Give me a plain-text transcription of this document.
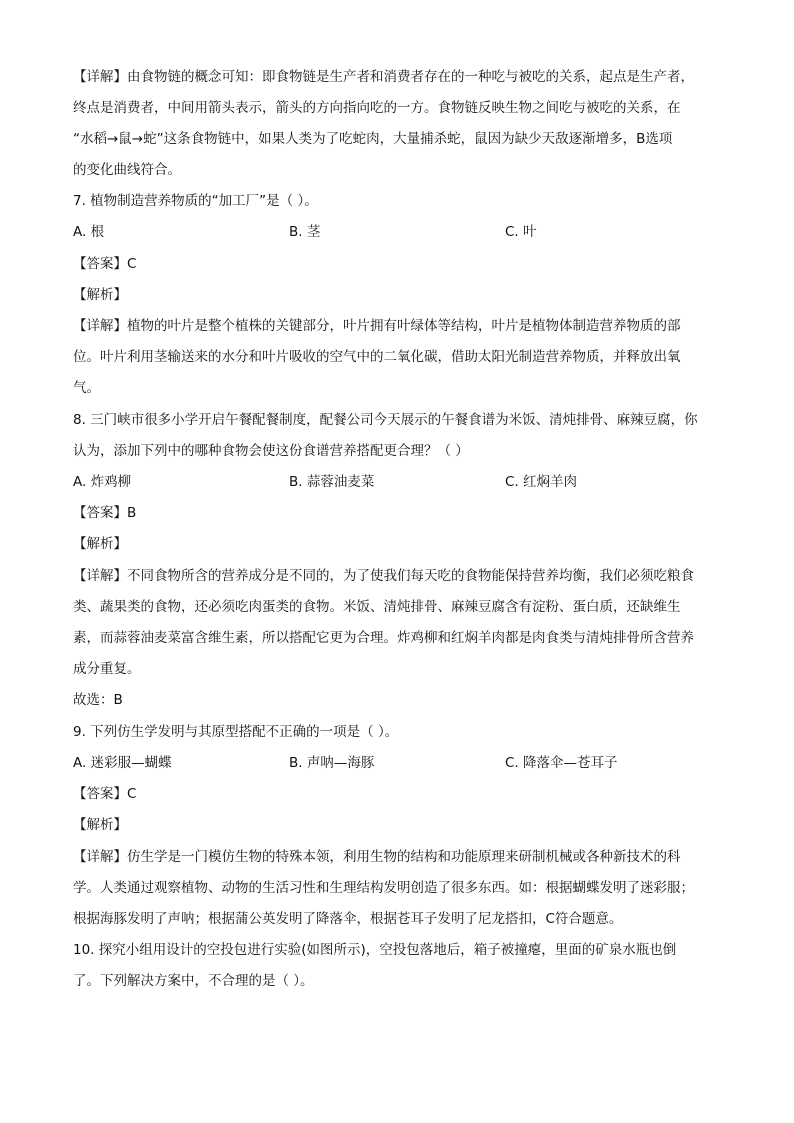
【详解】由食物链的概念可知：即食物链是生产者和消费者存在的一种吃与被吃的关系，起点是生产者，
终点是消费者，中间用箭头表示，箭头的方向指向吃的一方。食物链反映生物之间吃与被吃的关系，在
“水稻→鼠→蛇”这条食物链中，如果人类为了吃蛇肉，大量捕杀蛇，鼠因为缺少天敌逐渐增多，B选项
的变化曲线符合。
7. 植物制造营养物质的“加工厂”是（ ）。
A. 根	B. 茎	C. 叶
【答案】C
【解析】
【详解】植物的叶片是整个植株的关键部分，叶片拥有叶绿体等结构，叶片是植物体制造营养物质的部
位。叶片利用茎输送来的水分和叶片吸收的空气中的二氧化碳，借助太阳光制造营养物质，并释放出氧
气。
8. 三门峡市很多小学开启午餐配餐制度，配餐公司今天展示的午餐食谱为米饭、清炖排骨、麻辣豆腐，你
认为，添加下列中的哪种食物会使这份食谱营养搭配更合理？（ ）
A. 炸鸡柳	B. 蒜蓉油麦菜	C. 红焖羊肉
【答案】B
【解析】
【详解】不同食物所含的营养成分是不同的，为了使我们每天吃的食物能保持营养均衡，我们必须吃粮食
类、蔬果类的食物，还必须吃肉蛋类的食物。米饭、清炖排骨、麻辣豆腐含有淀粉、蛋白质，还缺维生
素，而蒜蓉油麦菜富含维生素，所以搭配它更为合理。炸鸡柳和红焖羊肉都是肉食类与清炖排骨所含营养
成分重复。
故选：B
9. 下列仿生学发明与其原型搭配不正确的一项是（ ）。
A. 迷彩服—蝴蝶	B. 声呐—海豚	C. 降落伞—苍耳子
【答案】C
【解析】
【详解】仿生学是一门模仿生物的特殊本领，利用生物的结构和功能原理来研制机械或各种新技术的科
学。人类通过观察植物、动物的生活习性和生理结构发明创造了很多东西。如：根据蝴蝶发明了迷彩服；
根据海豚发明了声呐；根据蒲公英发明了降落伞，根据苍耳子发明了尼龙搭扣，C符合题意。
10. 探究小组用设计的空投包进行实验(如图所示)，空投包落地后，箱子被撞瘪，里面的矿泉水瓶也倒
了。下列解决方案中，不合理的是（ ）。
